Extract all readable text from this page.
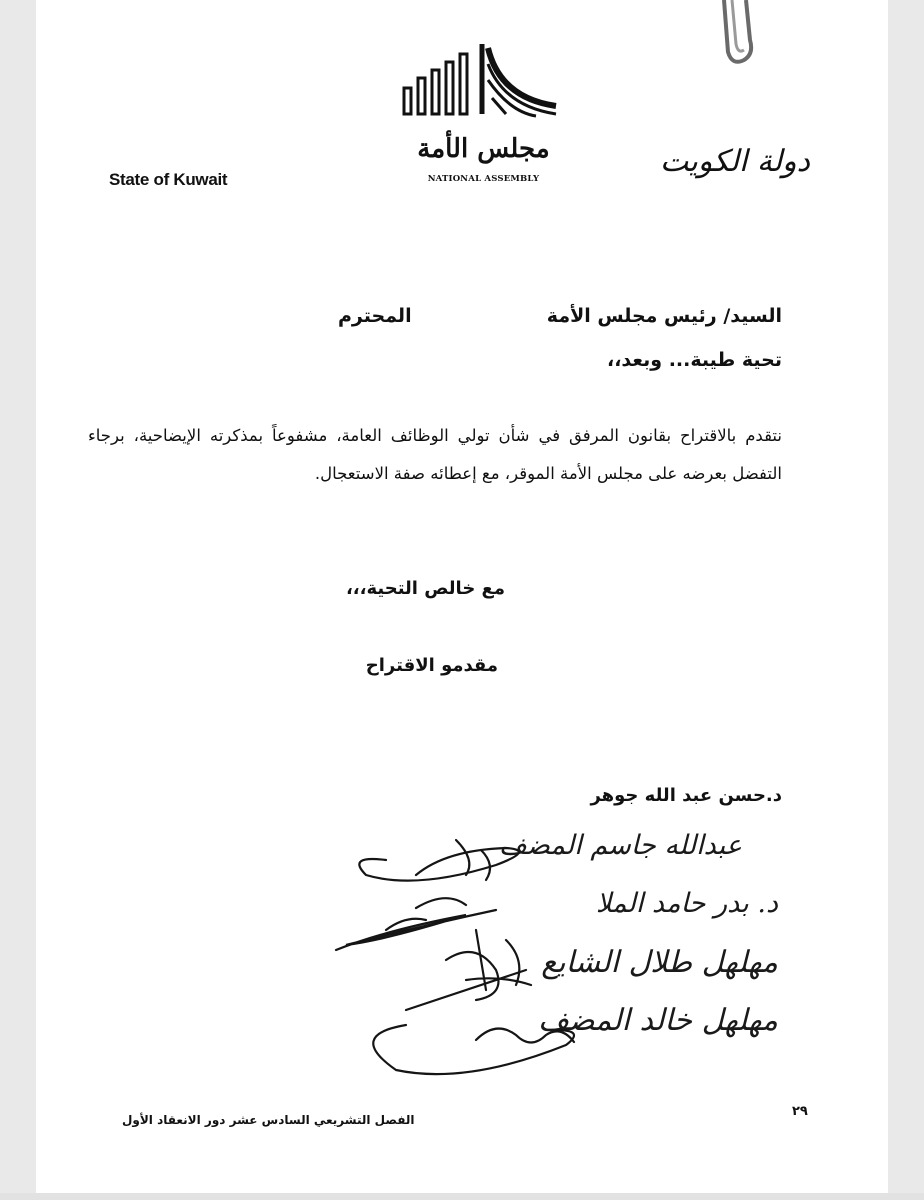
مجلس الأمة
NATIONAL ASSEMBLY
State of Kuwait
دولة الكويت
السيد/ رئيس مجلس الأمة
المحترم
تحية طيبة... وبعد،،
نتقدم بالاقتراح بقانون المرفق في شأن تولي الوظائف العامة، مشفوعاً بمذكرته الإيضاحية، برجاء التفضل بعرضه على مجلس الأمة الموقر، مع إعطائه صفة الاستعجال.
مع خالص التحية،،،
مقدمو الاقتراح
د.حسن عبد الله جوهر
عبدالله جاسم المضف
د. بدر حامد الملا
مهلهل طلال الشايع
مهلهل خالد المضف
٢٩
الفصل التشريعي السادس عشر دور الانعقاد الأول
